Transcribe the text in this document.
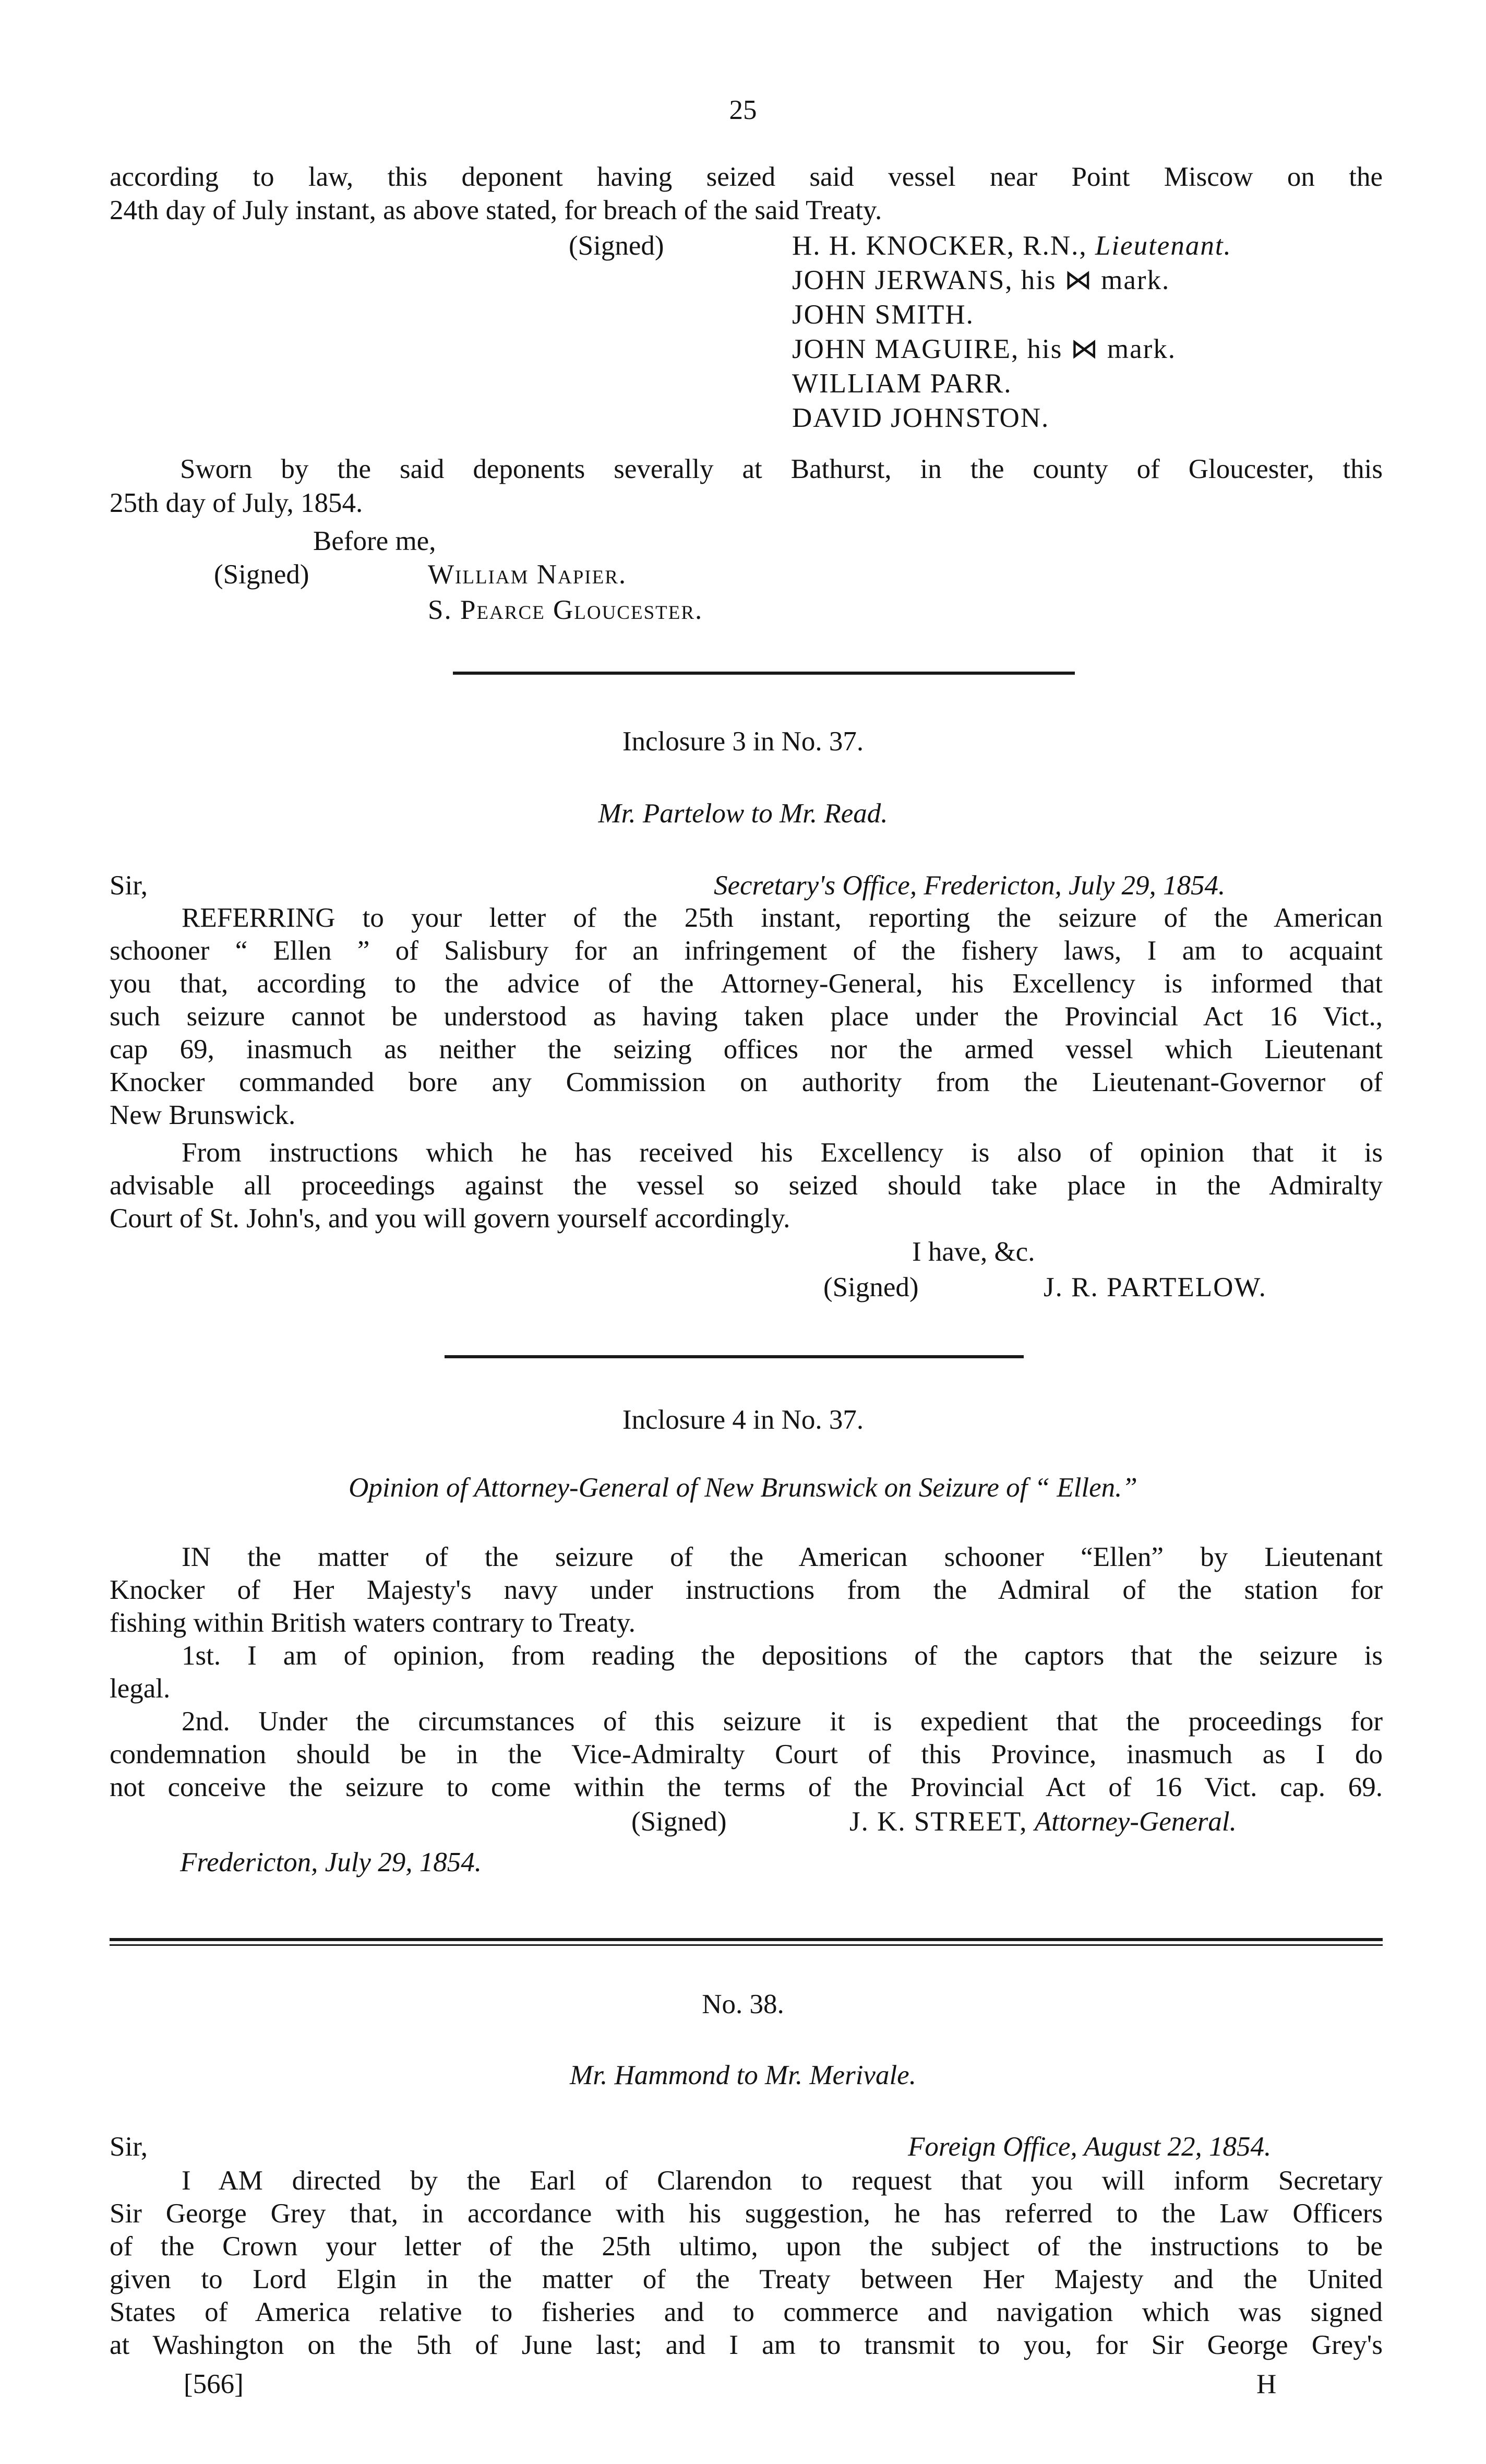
25
according to law, this deponent having seized said vessel near Point Miscow on the
24th day of July instant, as above stated, for breach of the said Treaty.
(Signed)	H. H. KNOCKER, R.N., Lieutenant.
JOHN JERWANS, his ⋈ mark.
JOHN SMITH.
JOHN MAGUIRE, his ⋈ mark.
WILLIAM PARR.
DAVID JOHNSTON.
Sworn by the said deponents severally at Bathurst, in the county of Gloucester, this
25th day of July, 1854.
Before me,
(Signed)	William Napier.
S. Pearce Gloucester.
Inclosure 3 in No. 37.
Mr. Partelow to Mr. Read.
Sir,	Secretary's Office, Fredericton, July 29, 1854.
REFERRING to your letter of the 25th instant, reporting the seizure of the American
schooner “ Ellen ” of Salisbury for an infringement of the fishery laws, I am to acquaint
you that, according to the advice of the Attorney-General, his Excellency is informed that
such seizure cannot be understood as having taken place under the Provincial Act 16 Vict.,
cap 69, inasmuch as neither the seizing offices nor the armed vessel which Lieutenant
Knocker commanded bore any Commission on authority from the Lieutenant-Governor of
New Brunswick.
From instructions which he has received his Excellency is also of opinion that it is
advisable all proceedings against the vessel so seized should take place in the Admiralty
Court of St. John's, and you will govern yourself accordingly.
I have, &c.
(Signed)	J. R. PARTELOW.
Inclosure 4 in No. 37.
Opinion of Attorney-General of New Brunswick on Seizure of “ Ellen.”
IN the matter of the seizure of the American schooner “Ellen” by Lieutenant
Knocker of Her Majesty's navy under instructions from the Admiral of the station for
fishing within British waters contrary to Treaty.
1st. I am of opinion, from reading the depositions of the captors that the seizure is
legal.
2nd. Under the circumstances of this seizure it is expedient that the proceedings for
condemnation should be in the Vice-Admiralty Court of this Province, inasmuch as I do
not conceive the seizure to come within the terms of the Provincial Act of 16 Vict. cap. 69.
(Signed)	J. K. STREET, Attorney-General.
Fredericton, July 29, 1854.
No. 38.
Mr. Hammond to Mr. Merivale.
Sir,	Foreign Office, August 22, 1854.
I AM directed by the Earl of Clarendon to request that you will inform Secretary
Sir George Grey that, in accordance with his suggestion, he has referred to the Law Officers
of the Crown your letter of the 25th ultimo, upon the subject of the instructions to be
given to Lord Elgin in the matter of the Treaty between Her Majesty and the United
States of America relative to fisheries and to commerce and navigation which was signed
at Washington on the 5th of June last; and I am to transmit to you, for Sir George Grey's
[566]	H
